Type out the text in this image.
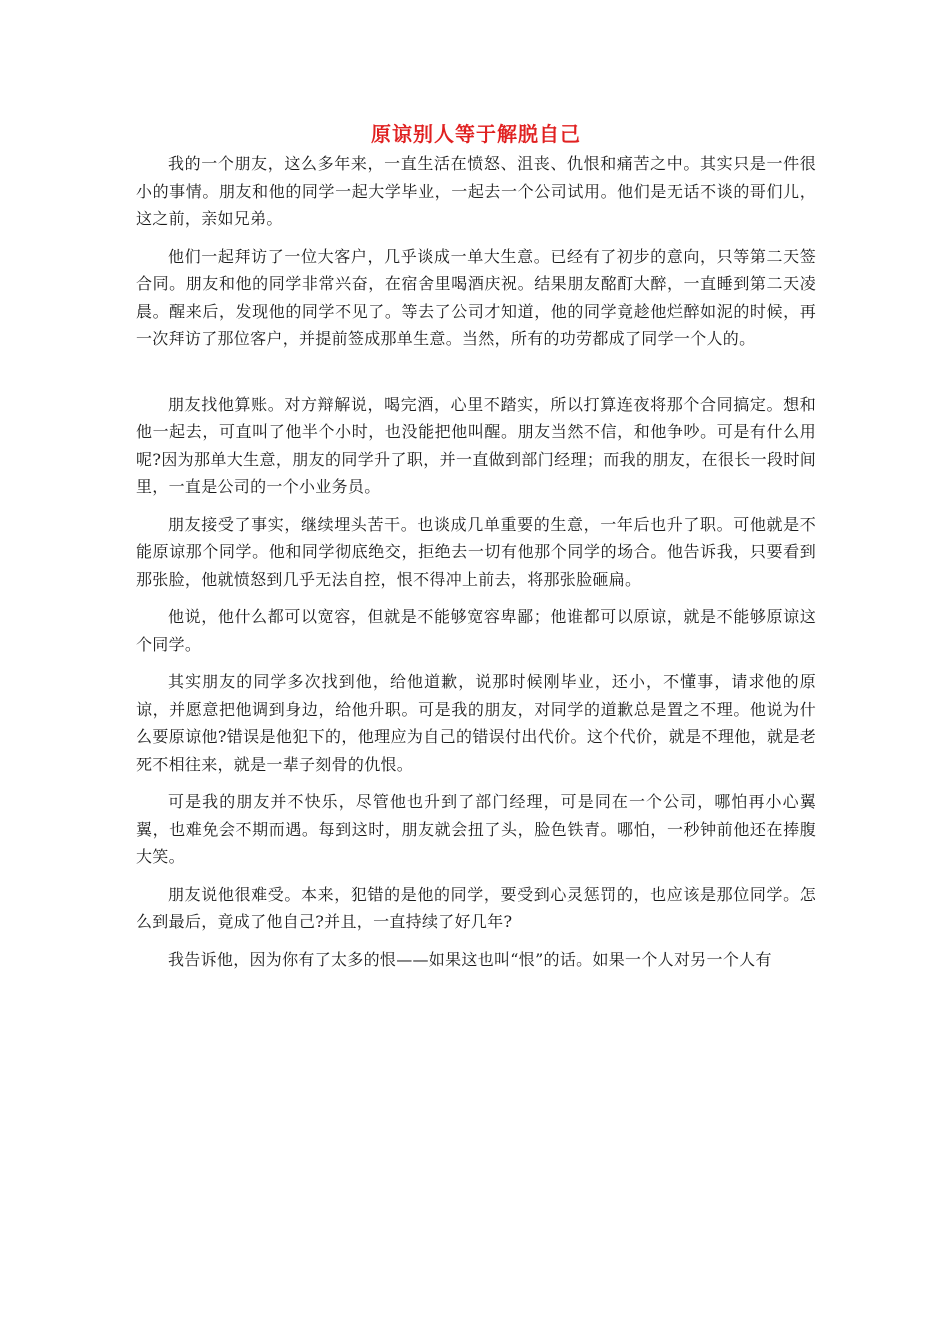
原谅别人等于解脱自己

我的一个朋友，这么多年来，一直生活在愤怒、沮丧、仇恨和痛苦之中。其实只是一件很小的事情。朋友和他的同学一起大学毕业，一起去一个公司试用。他们是无话不谈的哥们儿，这之前，亲如兄弟。

他们一起拜访了一位大客户，几乎谈成一单大生意。已经有了初步的意向，只等第二天签合同。朋友和他的同学非常兴奋，在宿舍里喝酒庆祝。结果朋友酩酊大醉，一直睡到第二天凌晨。醒来后，发现他的同学不见了。等去了公司才知道，他的同学竟趁他烂醉如泥的时候，再一次拜访了那位客户，并提前签成那单生意。当然，所有的功劳都成了同学一个人的。

朋友找他算账。对方辩解说，喝完酒，心里不踏实，所以打算连夜将那个合同搞定。想和他一起去，可直叫了他半个小时，也没能把他叫醒。朋友当然不信，和他争吵。可是有什么用呢?因为那单大生意，朋友的同学升了职，并一直做到部门经理；而我的朋友，在很长一段时间里，一直是公司的一个小业务员。

朋友接受了事实，继续埋头苦干。也谈成几单重要的生意，一年后也升了职。可他就是不能原谅那个同学。他和同学彻底绝交，拒绝去一切有他那个同学的场合。他告诉我，只要看到那张脸，他就愤怒到几乎无法自控，恨不得冲上前去，将那张脸砸扁。

他说，他什么都可以宽容，但就是不能够宽容卑鄙；他谁都可以原谅，就是不能够原谅这个同学。

其实朋友的同学多次找到他，给他道歉，说那时候刚毕业，还小，不懂事，请求他的原谅，并愿意把他调到身边，给他升职。可是我的朋友，对同学的道歉总是置之不理。他说为什么要原谅他?错误是他犯下的，他理应为自己的错误付出代价。这个代价，就是不理他，就是老死不相往来，就是一辈子刻骨的仇恨。

可是我的朋友并不快乐，尽管他也升到了部门经理，可是同在一个公司，哪怕再小心翼翼，也难免会不期而遇。每到这时，朋友就会扭了头，脸色铁青。哪怕，一秒钟前他还在捧腹大笑。

朋友说他很难受。本来，犯错的是他的同学，要受到心灵惩罚的，也应该是那位同学。怎么到最后，竟成了他自己?并且，一直持续了好几年?

我告诉他，因为你有了太多的恨——如果这也叫“恨”的话。如果一个人对另一个人有
